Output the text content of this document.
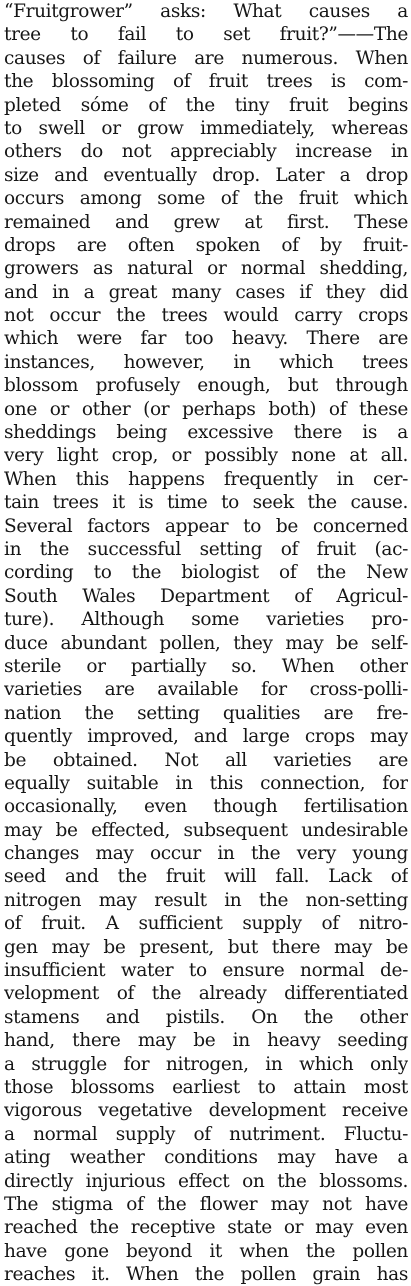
“Fruitgrower” asks: What causes a
tree to fail to set fruit?”——The
causes of failure are numerous. When
the blossoming of fruit trees is com-
pleted sóme of the tiny fruit begins
to swell or grow immediately, whereas
others do not appreciably increase in
size and eventually drop. Later a drop
occurs among some of the fruit which
remained and grew at first. These
drops are often spoken of by fruit-
growers as natural or normal shedding,
and in a great many cases if they did
not occur the trees would carry crops
which were far too heavy. There are
instances, however, in which trees
blossom profusely enough, but through
one or other (or perhaps both) of these
sheddings being excessive there is a
very light crop, or possibly none at all.
When this happens frequently in cer-
tain trees it is time to seek the cause.
Several factors appear to be concerned
in the successful setting of fruit (ac-
cording to the biologist of the New
South Wales Department of Agricul-
ture). Although some varieties pro-
duce abundant pollen, they may be self-
sterile or partially so. When other
varieties are available for cross-polli-
nation the setting qualities are fre-
quently improved, and large crops may
be obtained. Not all varieties are
equally suitable in this connection, for
occasionally, even though fertilisation
may be effected, subsequent undesirable
changes may occur in the very young
seed and the fruit will fall. Lack of
nitrogen may result in the non-setting
of fruit. A sufficient supply of nitro-
gen may be present, but there may be
insufficient water to ensure normal de-
velopment of the already differentiated
stamens and pistils. On the other
hand, there may be in heavy seeding
a struggle for nitrogen, in which only
those blossoms earliest to attain most
vigorous vegetative development receive
a normal supply of nutriment. Fluctu-
ating weather conditions may have a
directly injurious effect on the blossoms.
The stigma of the flower may not have
reached the receptive state or may even
have gone beyond it when the pollen
reaches it. When the pollen grain has
